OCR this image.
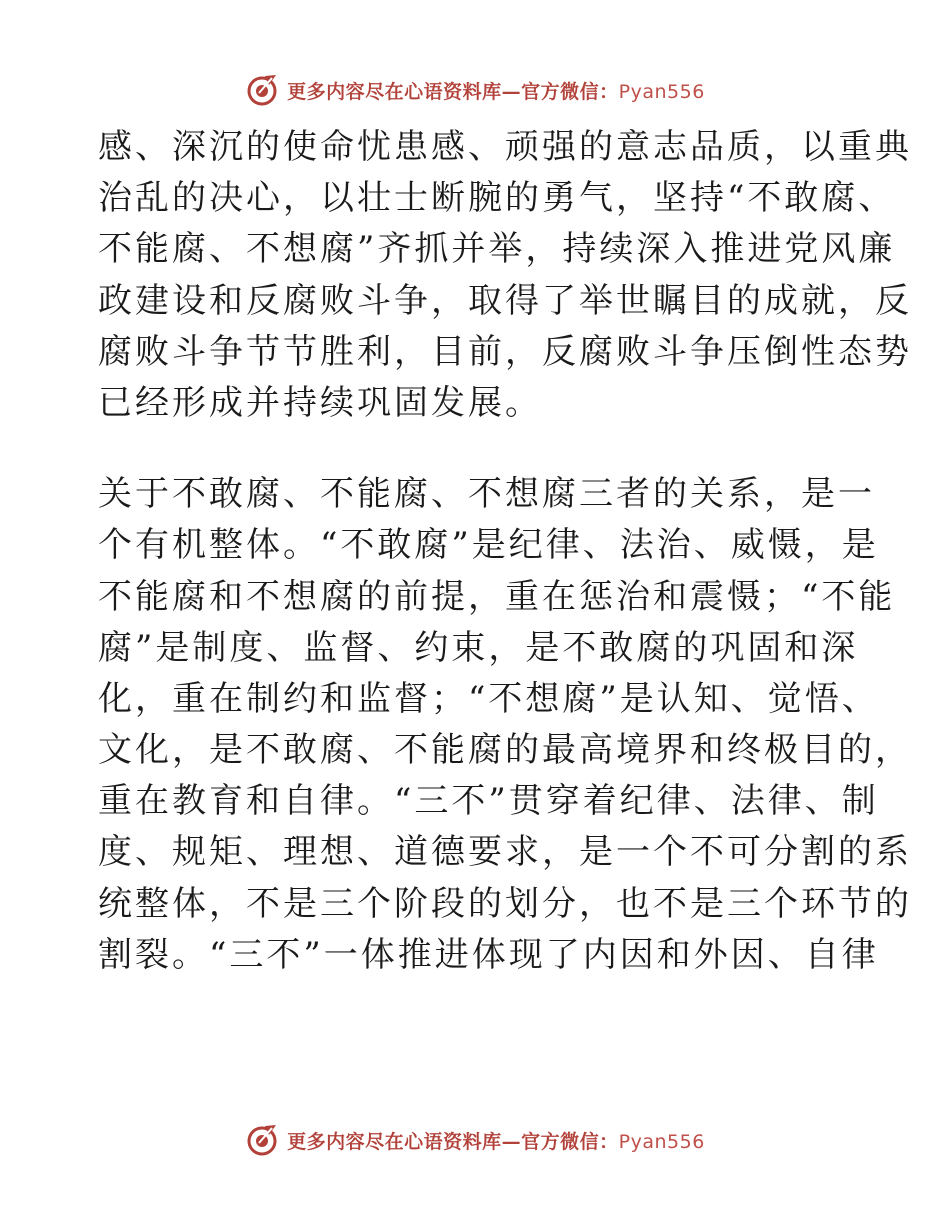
更多内容尽在心语资料库—官方微信：Pyan556

感、深沉的使命忧患感、顽强的意志品质，以重典
治乱的决心，以壮士断腕的勇气，坚持“不敢腐、
不能腐、不想腐”齐抓并举，持续深入推进党风廉
政建设和反腐败斗争，取得了举世瞩目的成就，反
腐败斗争节节胜利，目前，反腐败斗争压倒性态势
已经形成并持续巩固发展。

关于不敢腐、不能腐、不想腐三者的关系，是一
个有机整体。“不敢腐”是纪律、法治、威慑，是
不能腐和不想腐的前提，重在惩治和震慑；“不能
腐”是制度、监督、约束，是不敢腐的巩固和深
化，重在制约和监督；“不想腐”是认知、觉悟、
文化，是不敢腐、不能腐的最高境界和终极目的，
重在教育和自律。“三不”贯穿着纪律、法律、制
度、规矩、理想、道德要求，是一个不可分割的系
统整体，不是三个阶段的划分，也不是三个环节的
割裂。“三不”一体推进体现了内因和外因、自律

更多内容尽在心语资料库—官方微信：Pyan556
